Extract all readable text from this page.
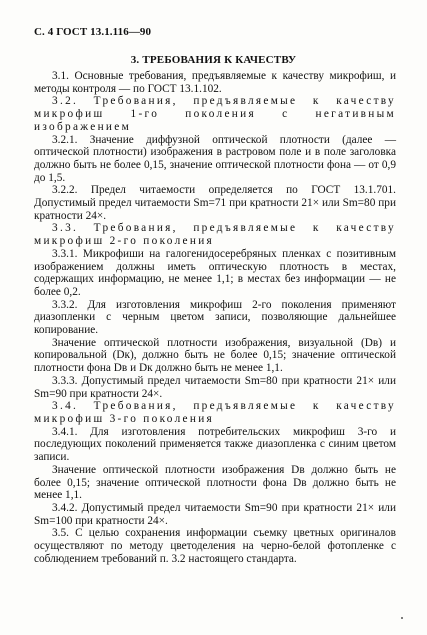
С. 4 ГОСТ 13.1.116—90
3. ТРЕБОВАНИЯ К КАЧЕСТВУ

3.1. Основные требования, предъявляемые к качеству микрофиш, и методы контроля — по ГОСТ 13.1.102.

3.2. Требования, предъявляемые к качеству микрофиш 1-го поколения с негативным изображением

3.2.1. Значение диффузной оптической плотности (далее — оптической плотности) изображения в растровом поле и в поле заголовка должно быть не более 0,15, значение оптической плотности фона — от 0,9 до 1,5.

3.2.2. Предел читаемости определяется по ГОСТ 13.1.701. Допустимый предел читаемости Sm=71 при кратности 21× или Sm=80 при кратности 24×.

3.3. Требования, предъявляемые к качеству микрофиш 2-го поколения

3.3.1. Микрофиши на галогенидосеребряных пленках с позитивным изображением должны иметь оптическую плотность в местах, содержащих информацию, не менее 1,1; в местах без информации — не более 0,2.

3.3.2. Для изготовления микрофиш 2-го поколения применяют диазопленки с черным цветом записи, позволяющие дальнейшее копирование.

Значение оптической плотности изображения, визуальной (Dв) и копировальной (Dк), должно быть не более 0,15; значение оптической плотности фона Dв и Dк должно быть не менее 1,1.

3.3.3. Допустимый предел читаемости Sm=80 при кратности 21× или Sm=90 при кратности 24×.

3.4. Требования, предъявляемые к качеству микрофиш 3-го поколения

3.4.1. Для изготовления потребительских микрофиш 3-го и последующих поколений применяется также диазопленка с синим цветом записи.

Значение оптической плотности изображения Dв должно быть не более 0,15; значение оптической плотности фона Dв должно быть не менее 1,1.

3.4.2. Допустимый предел читаемости Sm=90 при кратности 21× или Sm=100 при кратности 24×.

3.5. С целью сохранения информации съемку цветных оригиналов осуществляют по методу цветоделения на черно-белой фотопленке с соблюдением требований п. 3.2 настоящего стандарта.
